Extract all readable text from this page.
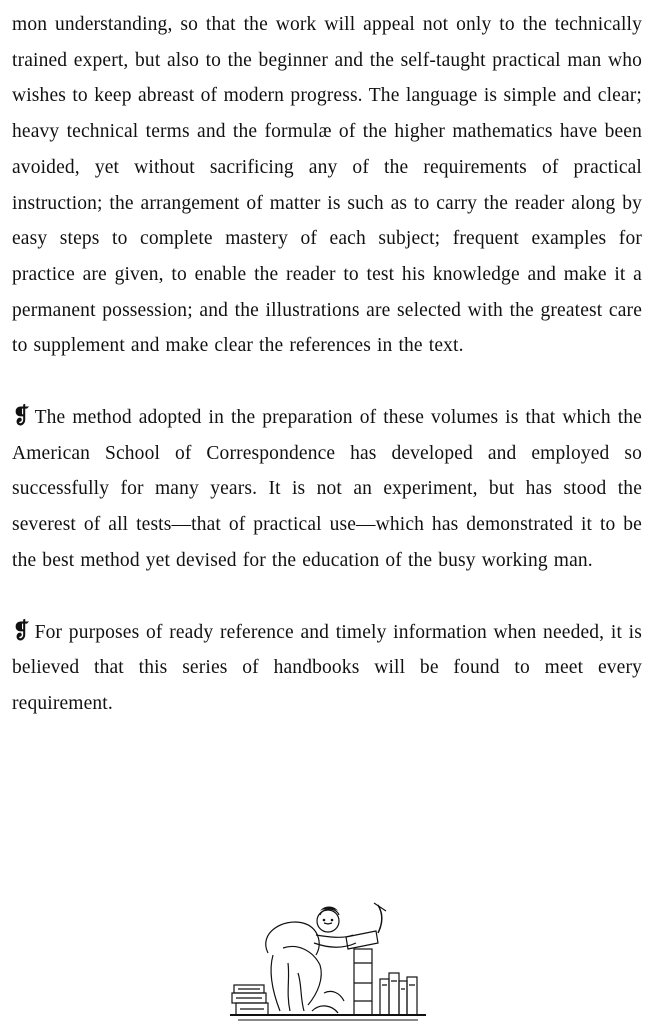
mon understanding, so that the work will appeal not only to the technically trained expert, but also to the beginner and the self-taught practical man who wishes to keep abreast of modern progress. The language is simple and clear; heavy technical terms and the formulæ of the higher mathematics have been avoided, yet without sacrificing any of the requirements of practical instruction; the arrangement of matter is such as to carry the reader along by easy steps to complete mastery of each subject; frequent examples for practice are given, to enable the reader to test his knowledge and make it a permanent possession; and the illustrations are selected with the greatest care to supplement and make clear the references in the text.

❡ The method adopted in the preparation of these volumes is that which the American School of Correspondence has developed and employed so successfully for many years. It is not an experiment, but has stood the severest of all tests—that of practical use—which has demonstrated it to be the best method yet devised for the education of the busy working man.

❡ For purposes of ready reference and timely information when needed, it is believed that this series of handbooks will be found to meet every requirement.
